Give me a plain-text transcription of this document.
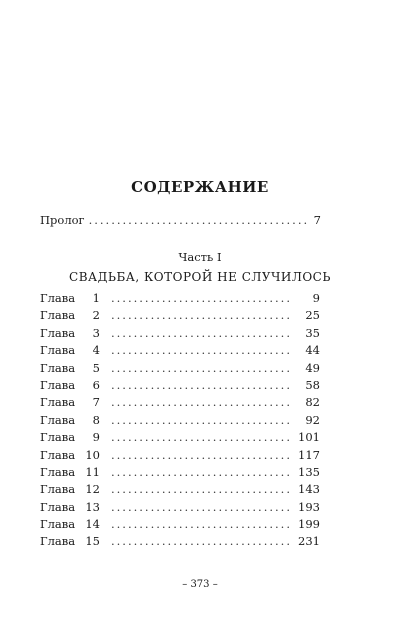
СОДЕРЖАНИЕ
Пролог .....	7

Часть I

СВАДЬБА, КОТОРОЙ НЕ СЛУЧИЛОСЬ

Глава 1 .....	9
Глава 2 .....	25
Глава 3 .....	35
Глава 4 .....	44
Глава 5 .....	49
Глава 6 .....	58
Глава 7 .....	82
Глава 8 .....	92
Глава 9 .....	101
Глава 10 .....	117
Глава 11 .....	135
Глава 12 .....	143
Глава 13 .....	193
Глава 14 .....	199
Глава 15 .....	231

– 373 –
